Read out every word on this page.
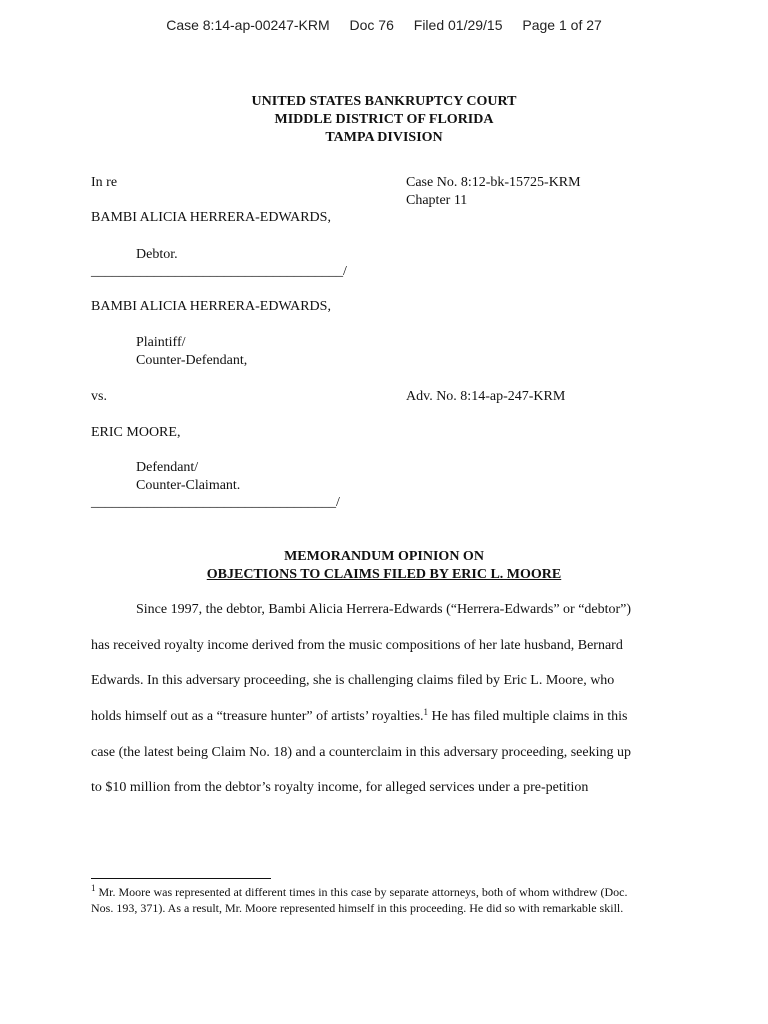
Case 8:14-ap-00247-KRM Doc 76 Filed 01/29/15 Page 1 of 27
UNITED STATES BANKRUPTCY COURT
MIDDLE DISTRICT OF FLORIDA
TAMPA DIVISION
In re
BAMBI ALICIA HERRERA-EDWARDS,
Debtor.
____________________________________/
BAMBI ALICIA HERRERA-EDWARDS,
Plaintiff/
Counter-Defendant,
vs.
ERIC MOORE,
Defendant/
Counter-Claimant.
___________________________________/
Case No. 8:12-bk-15725-KRM
Chapter 11
Adv. No. 8:14-ap-247-KRM
MEMORANDUM OPINION ON
OBJECTIONS TO CLAIMS FILED BY ERIC L. MOORE
Since 1997, the debtor, Bambi Alicia Herrera-Edwards (“Herrera-Edwards” or “debtor”)
has received royalty income derived from the music compositions of her late husband, Bernard
Edwards. In this adversary proceeding, she is challenging claims filed by Eric L. Moore, who
holds himself out as a “treasure hunter” of artists’ royalties.$^1$ He has filed multiple claims in this
case (the latest being Claim No. 18) and a counterclaim in this adversary proceeding, seeking up
to $10 million from the debtor’s royalty income, for alleged services under a pre-petition
$^1$ Mr. Moore was represented at different times in this case by separate attorneys, both of whom withdrew (Doc.
Nos. 193, 371). As a result, Mr. Moore represented himself in this proceeding. He did so with remarkable skill.
